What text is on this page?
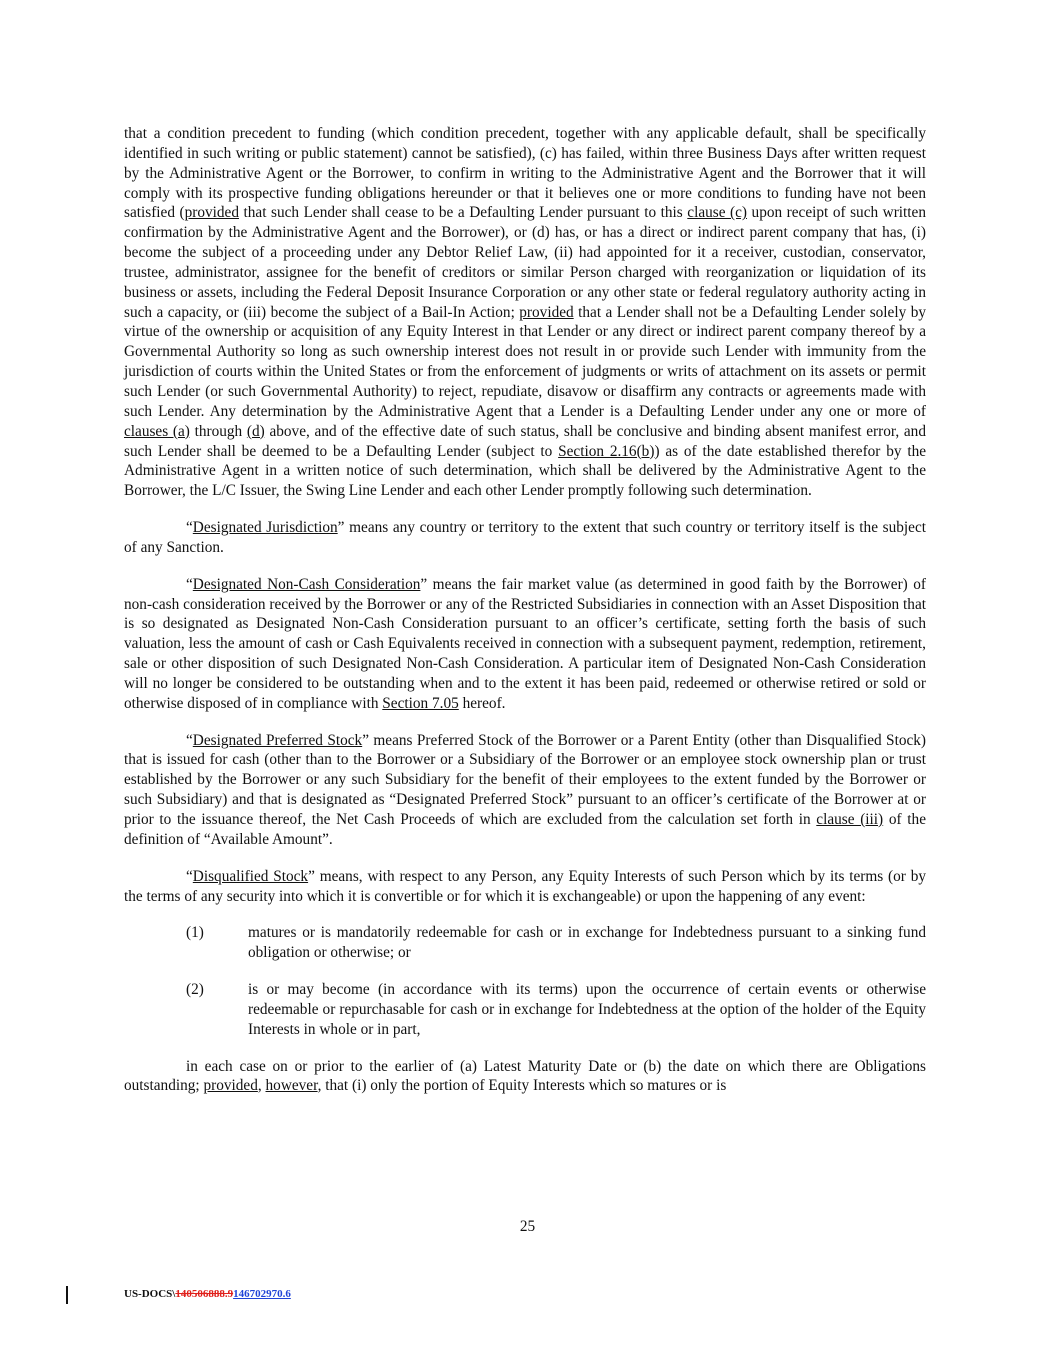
that a condition precedent to funding (which condition precedent, together with any applicable default, shall be specifically identified in such writing or public statement) cannot be satisfied), (c) has failed, within three Business Days after written request by the Administrative Agent or the Borrower, to confirm in writing to the Administrative Agent and the Borrower that it will comply with its prospective funding obligations hereunder or that it believes one or more conditions to funding have not been satisfied (provided that such Lender shall cease to be a Defaulting Lender pursuant to this clause (c) upon receipt of such written confirmation by the Administrative Agent and the Borrower), or (d) has, or has a direct or indirect parent company that has, (i) become the subject of a proceeding under any Debtor Relief Law, (ii) had appointed for it a receiver, custodian, conservator, trustee, administrator, assignee for the benefit of creditors or similar Person charged with reorganization or liquidation of its business or assets, including the Federal Deposit Insurance Corporation or any other state or federal regulatory authority acting in such a capacity, or (iii) become the subject of a Bail-In Action; provided that a Lender shall not be a Defaulting Lender solely by virtue of the ownership or acquisition of any Equity Interest in that Lender or any direct or indirect parent company thereof by a Governmental Authority so long as such ownership interest does not result in or provide such Lender with immunity from the jurisdiction of courts within the United States or from the enforcement of judgments or writs of attachment on its assets or permit such Lender (or such Governmental Authority) to reject, repudiate, disavow or disaffirm any contracts or agreements made with such Lender. Any determination by the Administrative Agent that a Lender is a Defaulting Lender under any one or more of clauses (a) through (d) above, and of the effective date of such status, shall be conclusive and binding absent manifest error, and such Lender shall be deemed to be a Defaulting Lender (subject to Section 2.16(b)) as of the date established therefor by the Administrative Agent in a written notice of such determination, which shall be delivered by the Administrative Agent to the Borrower, the L/C Issuer, the Swing Line Lender and each other Lender promptly following such determination.

“Designated Jurisdiction” means any country or territory to the extent that such country or territory itself is the subject of any Sanction.

“Designated Non-Cash Consideration” means the fair market value (as determined in good faith by the Borrower) of non-cash consideration received by the Borrower or any of the Restricted Subsidiaries in connection with an Asset Disposition that is so designated as Designated Non-Cash Consideration pursuant to an officer’s certificate, setting forth the basis of such valuation, less the amount of cash or Cash Equivalents received in connection with a subsequent payment, redemption, retirement, sale or other disposition of such Designated Non-Cash Consideration. A particular item of Designated Non-Cash Consideration will no longer be considered to be outstanding when and to the extent it has been paid, redeemed or otherwise retired or sold or otherwise disposed of in compliance with Section 7.05 hereof.

“Designated Preferred Stock” means Preferred Stock of the Borrower or a Parent Entity (other than Disqualified Stock) that is issued for cash (other than to the Borrower or a Subsidiary of the Borrower or an employee stock ownership plan or trust established by the Borrower or any such Subsidiary for the benefit of their employees to the extent funded by the Borrower or such Subsidiary) and that is designated as “Designated Preferred Stock” pursuant to an officer’s certificate of the Borrower at or prior to the issuance thereof, the Net Cash Proceeds of which are excluded from the calculation set forth in clause (iii) of the definition of “Available Amount”.

“Disqualified Stock” means, with respect to any Person, any Equity Interests of such Person which by its terms (or by the terms of any security into which it is convertible or for which it is exchangeable) or upon the happening of any event:

(1)	matures or is mandatorily redeemable for cash or in exchange for Indebtedness pursuant to a sinking fund obligation or otherwise; or
(2)	is or may become (in accordance with its terms) upon the occurrence of certain events or otherwise redeemable or repurchasable for cash or in exchange for Indebtedness at the option of the holder of the Equity Interests in whole or in part,

in each case on or prior to the earlier of (a) Latest Maturity Date or (b) the date on which there are Obligations outstanding; provided, however, that (i) only the portion of Equity Interests which so matures or is

25
US-DOCS\140506888.9146702970.6
